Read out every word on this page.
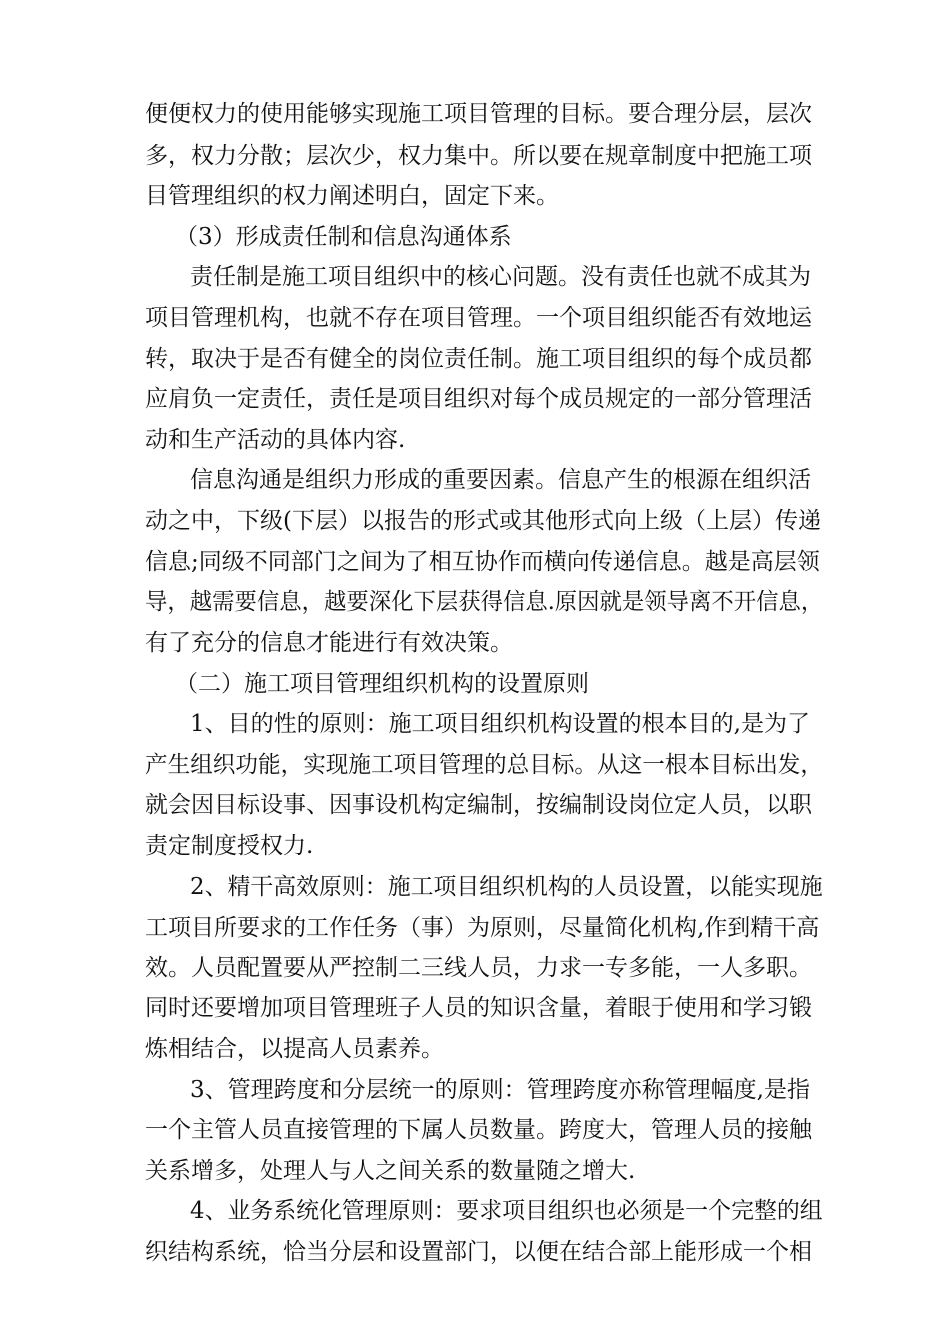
便便权力的使用能够实现施工项目管理的目标。要合理分层，层次
多，权力分散；层次少，权力集中。所以要在规章制度中把施工项
目管理组织的权力阐述明白，固定下来。
（3）形成责任制和信息沟通体系
责任制是施工项目组织中的核心问题。没有责任也就不成其为
项目管理机构，也就不存在项目管理。一个项目组织能否有效地运
转，取决于是否有健全的岗位责任制。施工项目组织的每个成员都
应肩负一定责任，责任是项目组织对每个成员规定的一部分管理活
动和生产活动的具体内容.
信息沟通是组织力形成的重要因素。信息产生的根源在组织活
动之中，下级(下层）以报告的形式或其他形式向上级（上层）传递
信息;同级不同部门之间为了相互协作而横向传递信息。越是高层领
导，越需要信息，越要深化下层获得信息.原因就是领导离不开信息，
有了充分的信息才能进行有效决策。
（二）施工项目管理组织机构的设置原则
1、目的性的原则：施工项目组织机构设置的根本目的,是为了
产生组织功能，实现施工项目管理的总目标。从这一根本目标出发，
就会因目标设事、因事设机构定编制，按编制设岗位定人员，以职
责定制度授权力.
2、精干高效原则：施工项目组织机构的人员设置，以能实现施
工项目所要求的工作任务（事）为原则，尽量简化机构,作到精干高
效。人员配置要从严控制二三线人员，力求一专多能，一人多职。
同时还要增加项目管理班子人员的知识含量，着眼于使用和学习锻
炼相结合，以提高人员素养。
3、管理跨度和分层统一的原则：管理跨度亦称管理幅度,是指
一个主管人员直接管理的下属人员数量。跨度大，管理人员的接触
关系增多，处理人与人之间关系的数量随之增大.
4、业务系统化管理原则：要求项目组织也必须是一个完整的组
织结构系统，恰当分层和设置部门，以便在结合部上能形成一个相
